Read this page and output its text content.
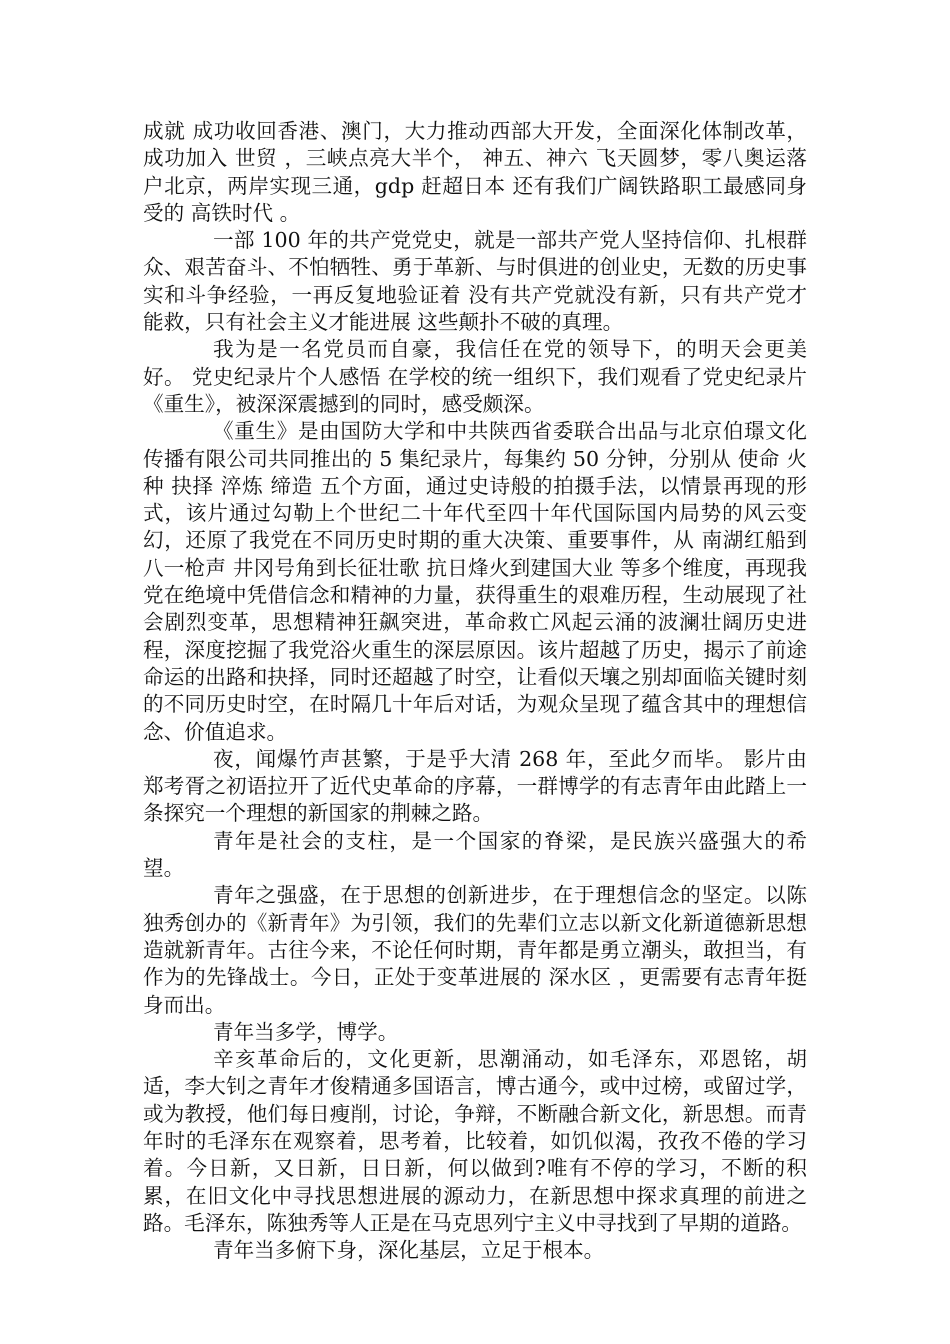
成就 成功收回香港、澳门，大力推动西部大开发，全面深化体制改革，成功加入 世贸 ，三峡点亮大半个， 神五、神六 飞天圆梦，零八奥运落户北京，两岸实现三通，gdp 赶超日本 还有我们广阔铁路职工最感同身受的 高铁时代 。

一部 100 年的共产党党史，就是一部共产党人坚持信仰、扎根群众、艰苦奋斗、不怕牺牲、勇于革新、与时俱进的创业史，无数的历史事实和斗争经验，一再反复地验证着 没有共产党就没有新，只有共产党才能救，只有社会主义才能进展 这些颠扑不破的真理。

我为是一名党员而自豪，我信任在党的领导下，的明天会更美好。 党史纪录片个人感悟 在学校的统一组织下，我们观看了党史纪录片《重生》，被深深震撼到的同时，感受颇深。

《重生》是由国防大学和中共陕西省委联合出品与北京伯璟文化传播有限公司共同推出的 5 集纪录片，每集约 50 分钟，分别从 使命 火种 抉择 淬炼 缔造 五个方面，通过史诗般的拍摄手法，以情景再现的形式，该片通过勾勒上个世纪二十年代至四十年代国际国内局势的风云变幻，还原了我党在不同历史时期的重大决策、重要事件，从 南湖红船到八一枪声 井冈号角到长征壮歌 抗日烽火到建国大业 等多个维度，再现我党在绝境中凭借信念和精神的力量，获得重生的艰难历程，生动展现了社会剧烈变革，思想精神狂飙突进，革命救亡风起云涌的波澜壮阔历史进程，深度挖掘了我党浴火重生的深层原因。该片超越了历史，揭示了前途命运的出路和抉择，同时还超越了时空，让看似天壤之别却面临关键时刻的不同历史时空，在时隔几十年后对话，为观众呈现了蕴含其中的理想信念、价值追求。

夜，闻爆竹声甚繁，于是乎大清 268 年，至此夕而毕。 影片由郑考胥之初语拉开了近代史革命的序幕，一群博学的有志青年由此踏上一条探究一个理想的新国家的荆棘之路。

青年是社会的支柱，是一个国家的脊梁，是民族兴盛强大的希望。

青年之强盛，在于思想的创新进步，在于理想信念的坚定。以陈独秀创办的《新青年》为引领，我们的先辈们立志以新文化新道德新思想造就新青年。古往今来，不论任何时期，青年都是勇立潮头，敢担当，有作为的先锋战士。今日，正处于变革进展的 深水区 ，更需要有志青年挺身而出。

青年当多学，博学。

辛亥革命后的，文化更新，思潮涌动，如毛泽东，邓恩铭，胡适，李大钊之青年才俊精通多国语言，博古通今，或中过榜，或留过学，或为教授，他们每日瘦削，讨论，争辩，不断融合新文化，新思想。而青年时的毛泽东在观察着，思考着，比较着，如饥似渴，孜孜不倦的学习着。今日新，又日新，日日新，何以做到?唯有不停的学习，不断的积累，在旧文化中寻找思想进展的源动力，在新思想中探求真理的前进之路。毛泽东，陈独秀等人正是在马克思列宁主义中寻找到了早期的道路。

青年当多俯下身，深化基层，立足于根本。
